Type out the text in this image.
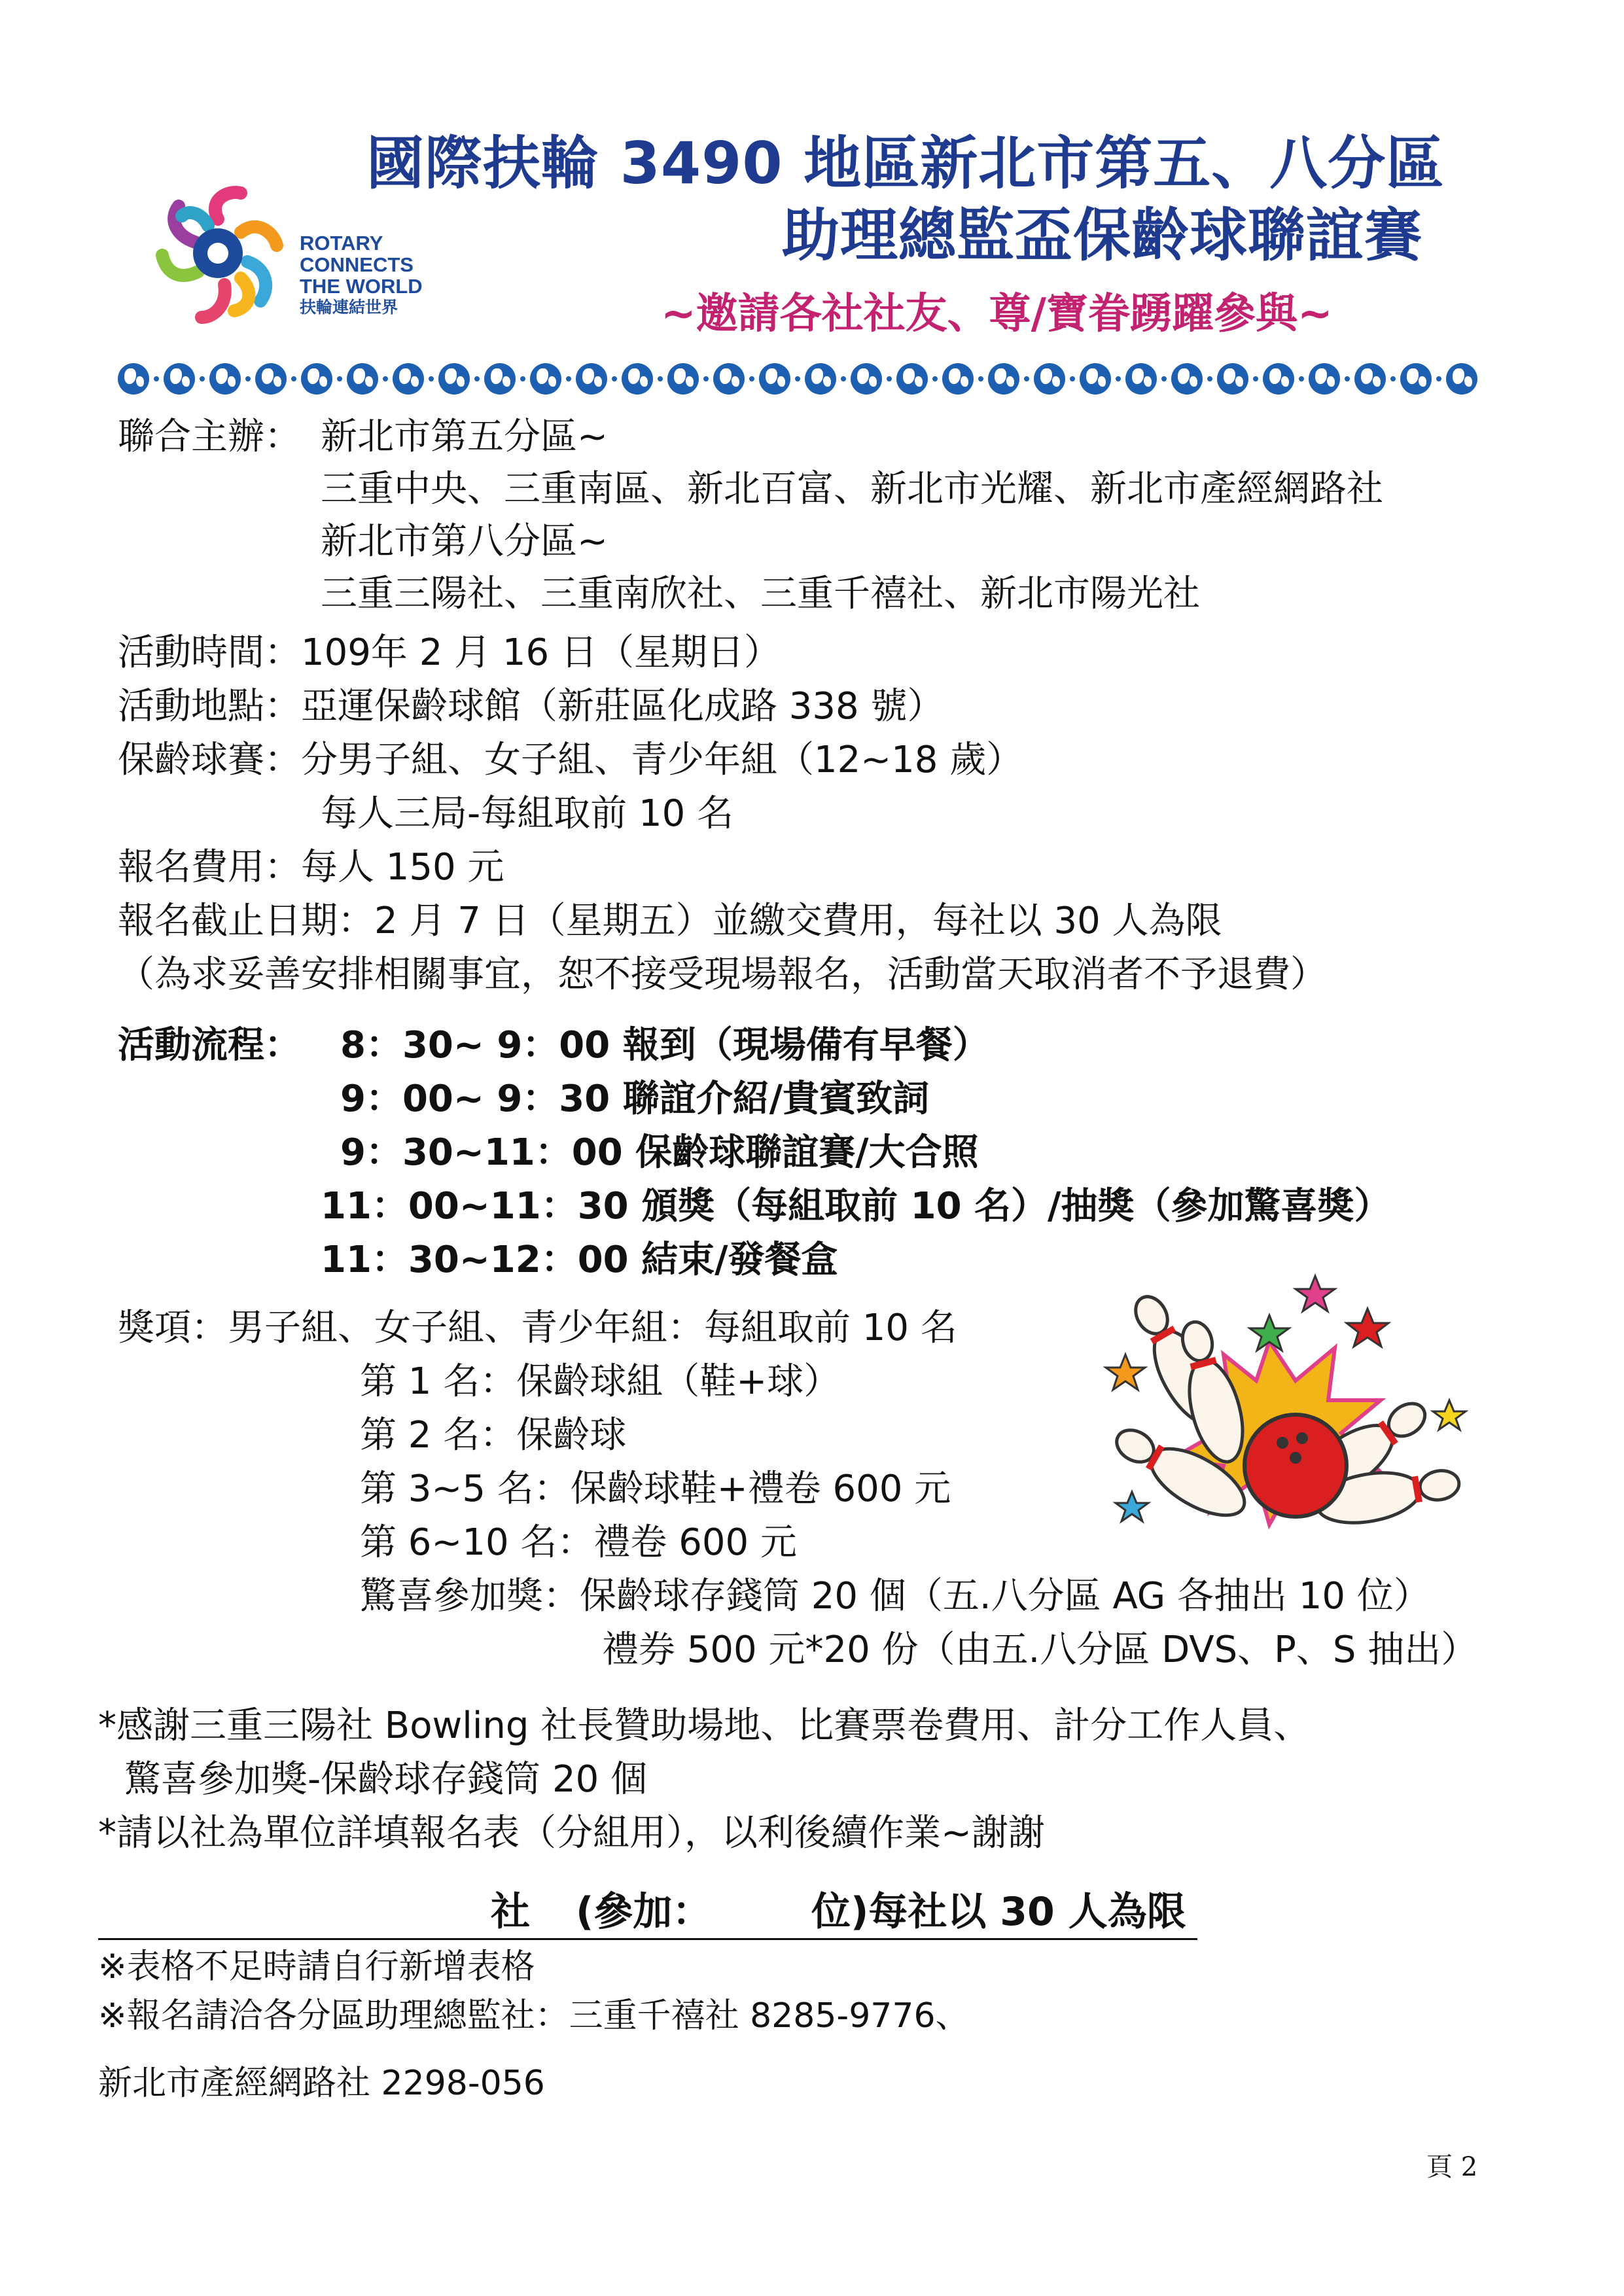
ROTARY
CONNECTS
THE WORLD
扶輪連結世界
國際扶輪 3490 地區新北市第五、八分區
助理總監盃保齡球聯誼賽
~邀請各社社友、尊/寶眷踴躍參與~
聯合主辦： 新北市第五分區~
三重中央、三重南區、新北百富、新北市光耀、新北市產經網路社
新北市第八分區~
三重三陽社、三重南欣社、三重千禧社、新北市陽光社
活動時間：109年 2 月 16 日（星期日）
活動地點：亞運保齡球館（新莊區化成路 338 號）
保齡球賽：分男子組、女子組、青少年組（12~18 歲）
每人三局-每組取前 10 名
報名費用：每人 150 元
報名截止日期：2 月 7 日（星期五）並繳交費用，每社以 30 人為限
（為求妥善安排相關事宜，恕不接受現場報名，活動當天取消者不予退費）
活動流程： 8：30~ 9：00 報到（現場備有早餐）
9：00~ 9：30 聯誼介紹/貴賓致詞
9：30~11：00 保齡球聯誼賽/大合照
11：00~11：30 頒獎（每組取前 10 名）/抽獎（參加驚喜獎）
11：30~12：00 結束/發餐盒
獎項：男子組、女子組、青少年組：每組取前 10 名
第 1 名：保齡球組（鞋+球）
第 2 名：保齡球
第 3~5 名：保齡球鞋+禮卷 600 元
第 6~10 名：禮卷 600 元
驚喜參加獎：保齡球存錢筒 20 個（五.八分區 AG 各抽出 10 位）
禮券 500 元*20 份（由五.八分區 DVS、P、S 抽出）
*感謝三重三陽社 Bowling 社長贊助場地、比賽票卷費用、計分工作人員、
驚喜參加獎-保齡球存錢筒 20 個
*請以社為單位詳填報名表（分組用），以利後續作業~謝謝
社 (參加：	位)每社以 30 人為限
※表格不足時請自行新增表格
※報名請洽各分區助理總監社：三重千禧社 8285-9776、
新北市產經網路社 2298-056
頁 2
